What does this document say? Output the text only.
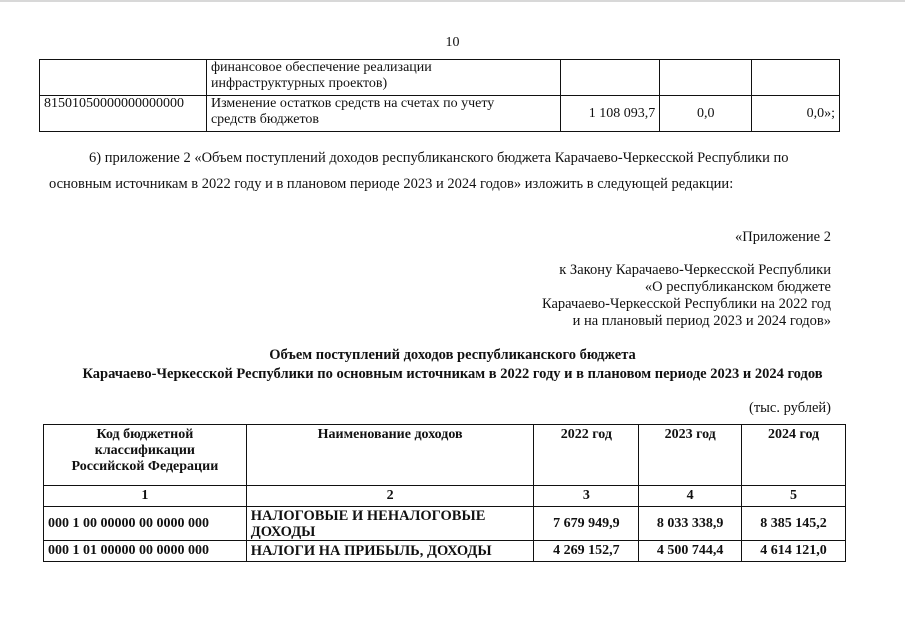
10

	финансовое обеспечение реализации
инфраструктурных проектов)			

81501050000000000000	Изменение остатков средств на счетах по учету
средств бюджетов	1 108 093,7	0,0	0,0»;
6) приложение 2 «Объем поступлений доходов республиканского бюджета Карачаево-Черкесской Республики по
основным источникам в 2022 году и в плановом периоде 2023 и 2024 годов» изложить в следующей редакции:
«Приложение 2
к Закону Карачаево-Черкесской Республики
«О республиканском бюджете
Карачаево-Черкесской Республики на 2022 год
и на плановый период 2023 и 2024 годов»
Объем поступлений доходов республиканского бюджета
Карачаево-Черкесской Республики по основным источникам в 2022 году и в плановом периоде 2023 и 2024 годов
(тыс. рублей)
Код бюджетной
классификации
Российской Федерации	Наименование доходов	2022 год	2023 год	2024 год
1	2	3	4	5
000 1 00 00000 00 0000 000	НАЛОГОВЫЕ И НЕНАЛОГОВЫЕ
ДОХОДЫ	7 679 949,9	8 033 338,9	8 385 145,2
000 1 01 00000 00 0000 000	НАЛОГИ НА ПРИБЫЛЬ, ДОХОДЫ	4 269 152,7	4 500 744,4	4 614 121,0
